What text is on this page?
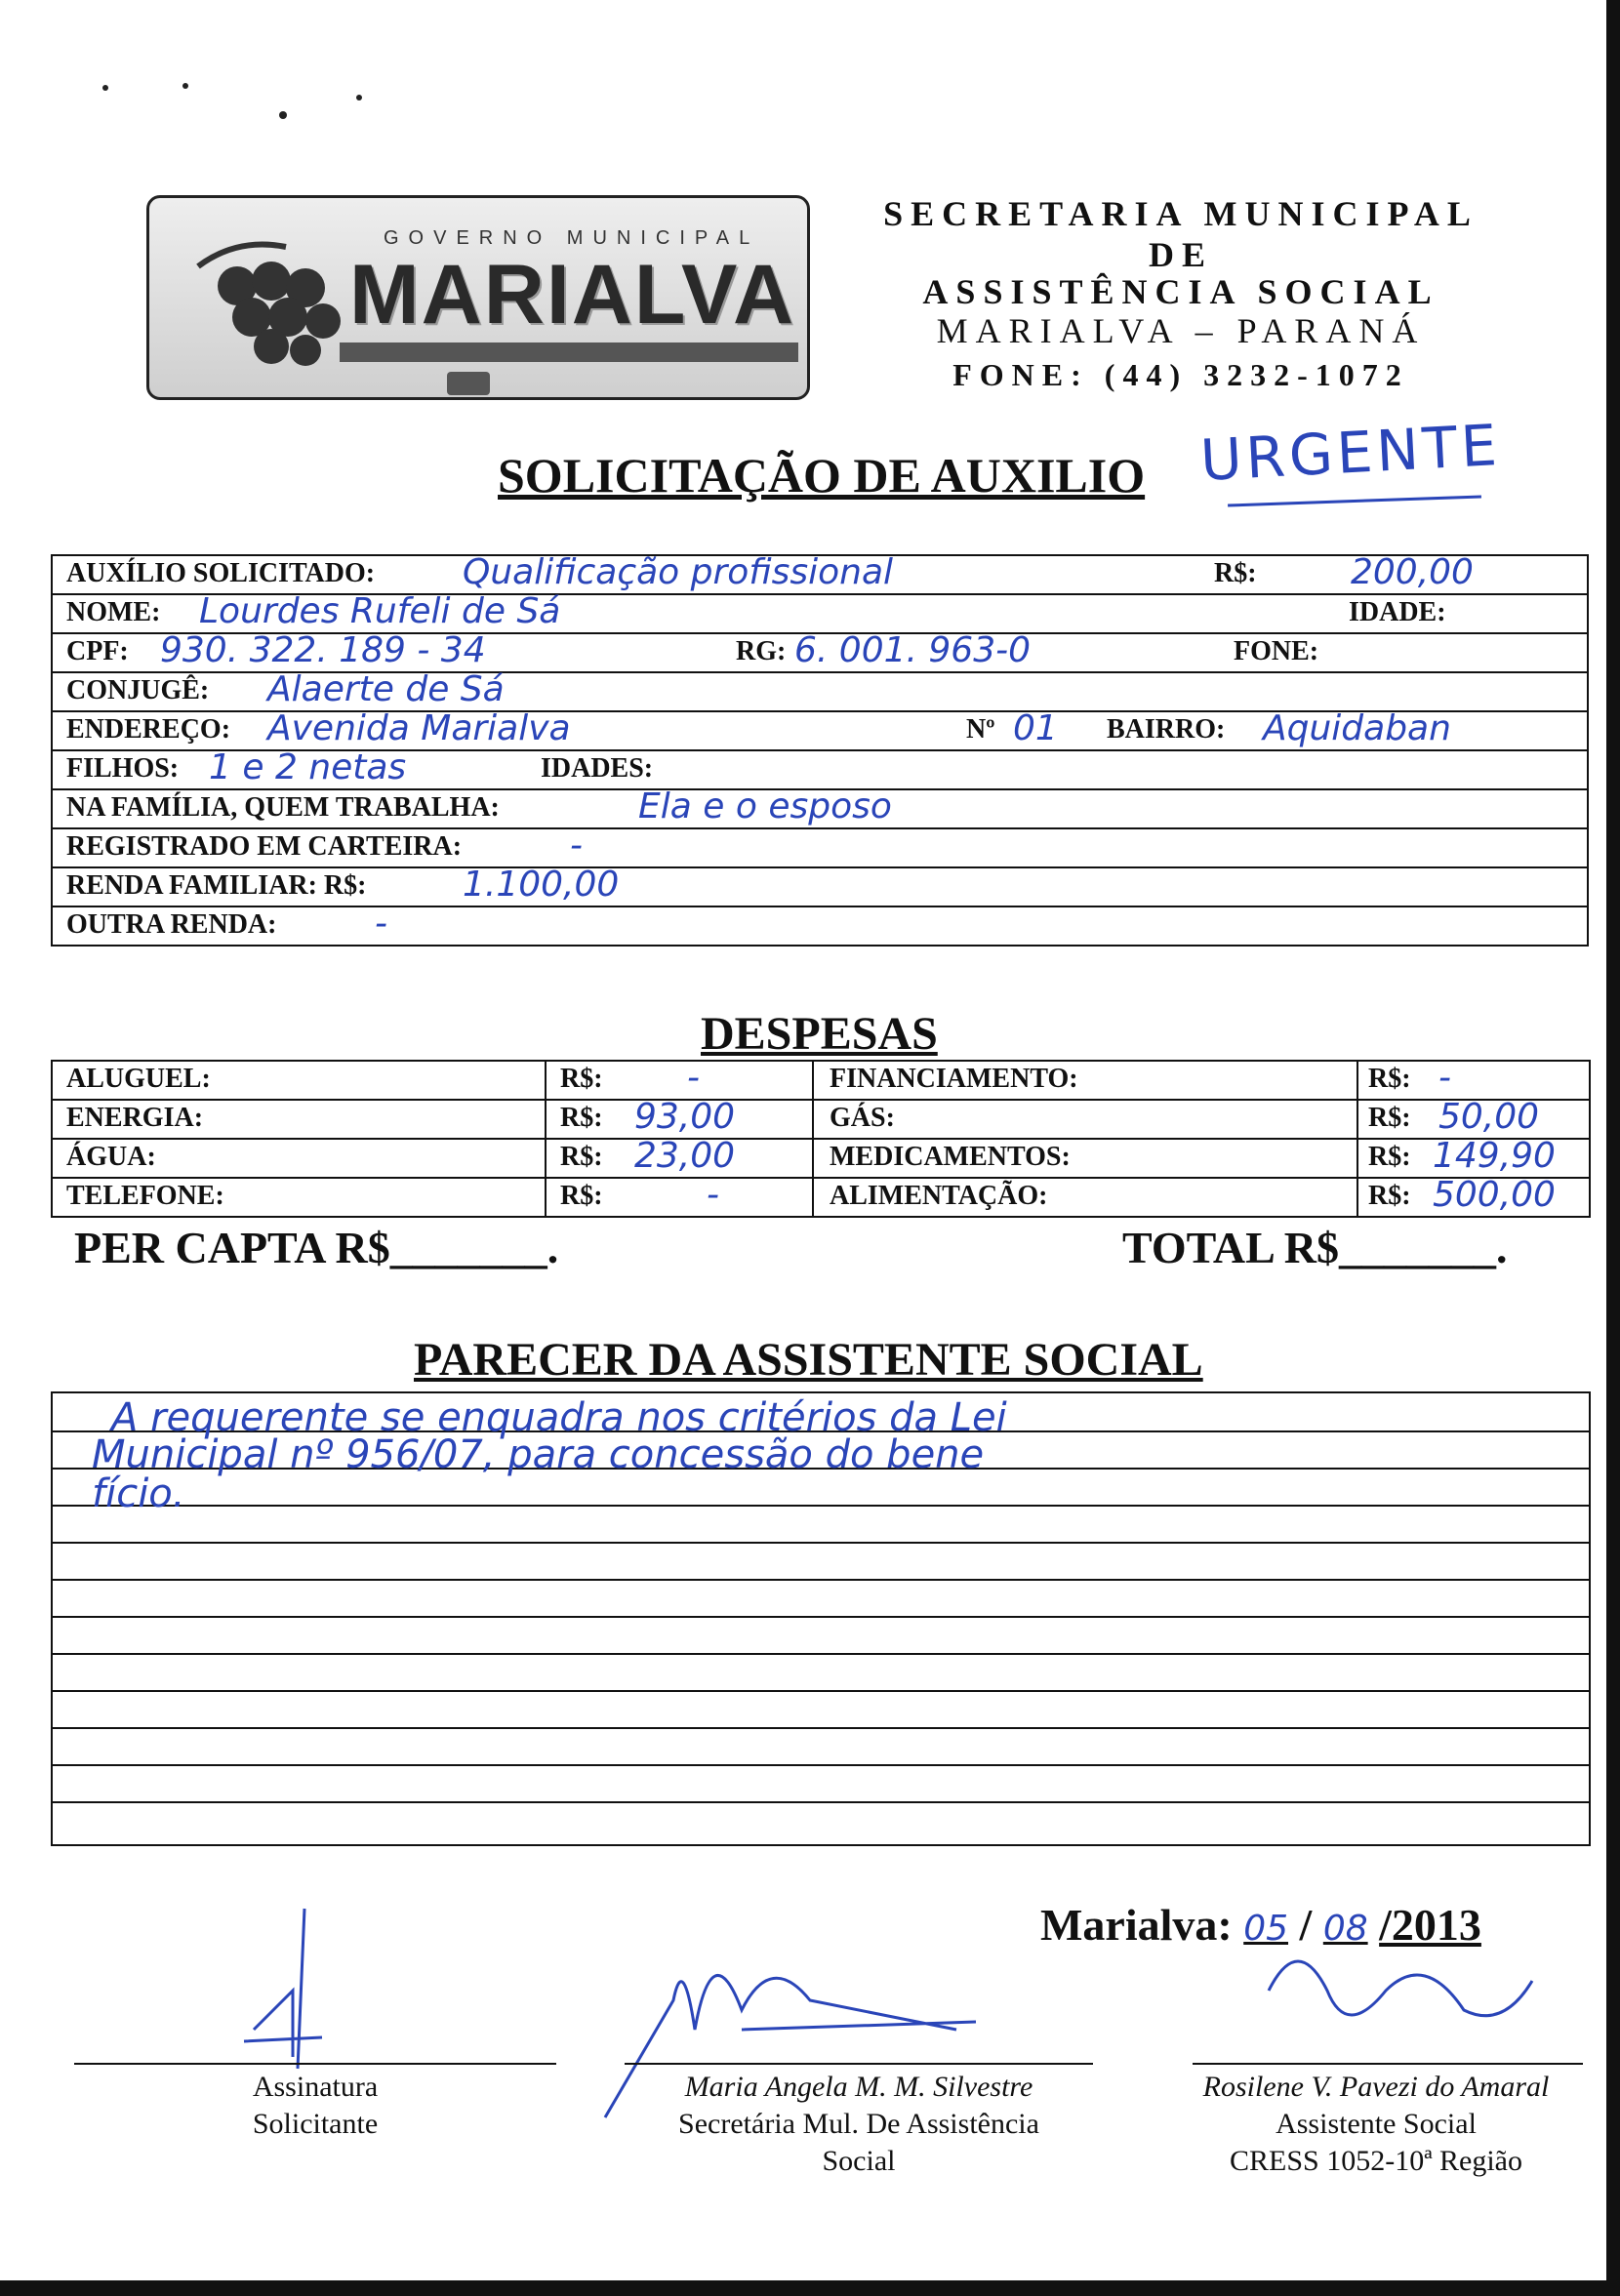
GOVERNO MUNICIPAL
MARIALVA
SECRETARIA MUNICIPAL
DE
ASSISTÊNCIA SOCIAL
MARIALVA – PARANÁ
FONE: (44) 3232-1072
SOLICITAÇÃO DE AUXILIO URGENTE
AUXÍLIO SOLICITADO: Qualificação profissional	R$:	200,00
NOME: Lourdes Rufeli de Sá	IDADE:
CPF: 930. 322. 189 - 34	RG: 6. 001. 963-0	FONE:
CONJUGÊ: Alaerte de Sá
ENDEREÇO: Avenida Marialva	Nº 01 BAIRRO: Aquidaban
FILHOS: 1 e 2 netas	IDADES:
NA FAMÍLIA, QUEM TRABALHA:	Ela e o esposo
REGISTRADO EM CARTEIRA:	-
RENDA FAMILIAR: R$:	1.100,00
OUTRA RENDA:	-
DESPESAS
ALUGUEL:	R$: -	FINANCIAMENTO:	R$: -
ENERGIA:	R$: 93,00	GÁS:	R$: 50,00
ÁGUA:	R$: 23,00	MEDICAMENTOS:	R$: 149,90
TELEFONE:	R$:	-	ALIMENTAÇÃO:	R$: 500,00
PER CAPTA R$_______.	TOTAL R$_______.
PARECER DA ASSISTENTE SOCIAL
A requerente se enquadra nos critérios da Lei
Municipal nº 956/07, para concessão do bene
fício.
Marialva: 05 / 08 /2013
Assinatura
Solicitante
Maria Angela M. M. Silvestre
Secretária Mul. De Assistência
Social
Rosilene V. Pavezi do Amaral
Assistente Social
CRESS 1052-10ª Região
